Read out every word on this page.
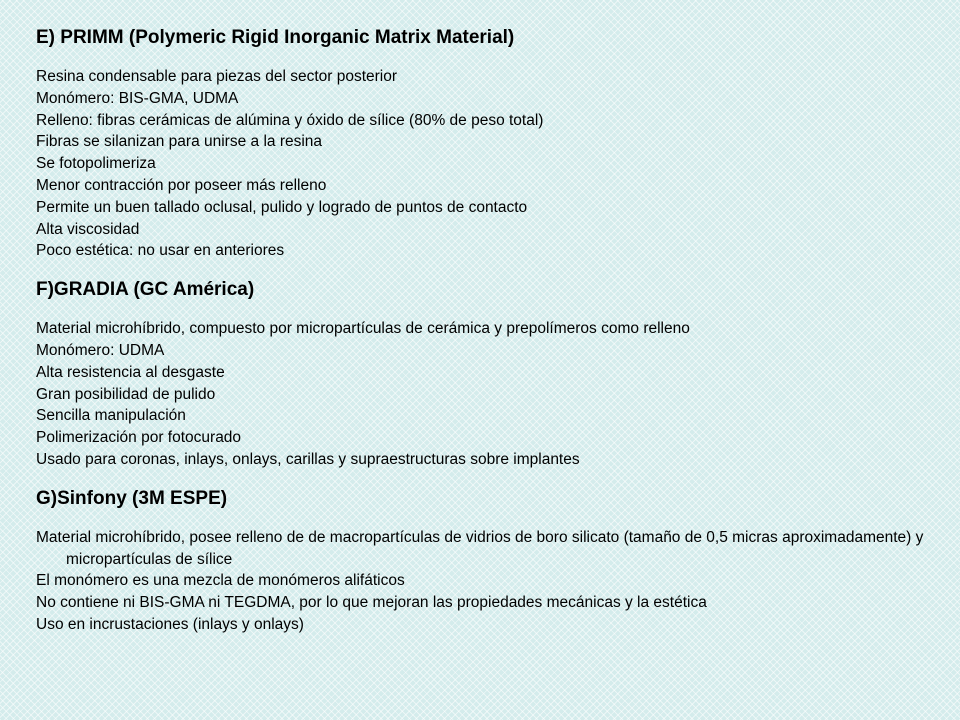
E) PRIMM (Polymeric Rigid Inorganic Matrix Material)
Resina condensable para piezas del sector posterior
Monómero: BIS-GMA, UDMA
Relleno: fibras cerámicas de alúmina y óxido de sílice (80% de peso total)
Fibras se silanizan para unirse a la resina
Se fotopolimeriza
Menor contracción por poseer más relleno
Permite un buen tallado oclusal, pulido y logrado de puntos de contacto
Alta viscosidad
Poco estética: no usar en anteriores
F)GRADIA (GC América)
Material microhíbrido, compuesto por micropartículas de cerámica y prepolímeros como relleno
Monómero: UDMA
Alta resistencia al desgaste
Gran posibilidad de pulido
Sencilla manipulación
Polimerización por fotocurado
Usado para coronas, inlays, onlays, carillas y supraestructuras sobre implantes
G)Sinfony (3M ESPE)
Material microhíbrido, posee relleno de de macropartículas de vidrios de boro silicato (tamaño de 0,5 micras aproximadamente) y micropartículas de sílice
El monómero es una mezcla de monómeros alifáticos
No contiene ni BIS-GMA ni TEGDMA, por lo que mejoran las propiedades mecánicas y la estética
Uso en incrustaciones (inlays y onlays)
